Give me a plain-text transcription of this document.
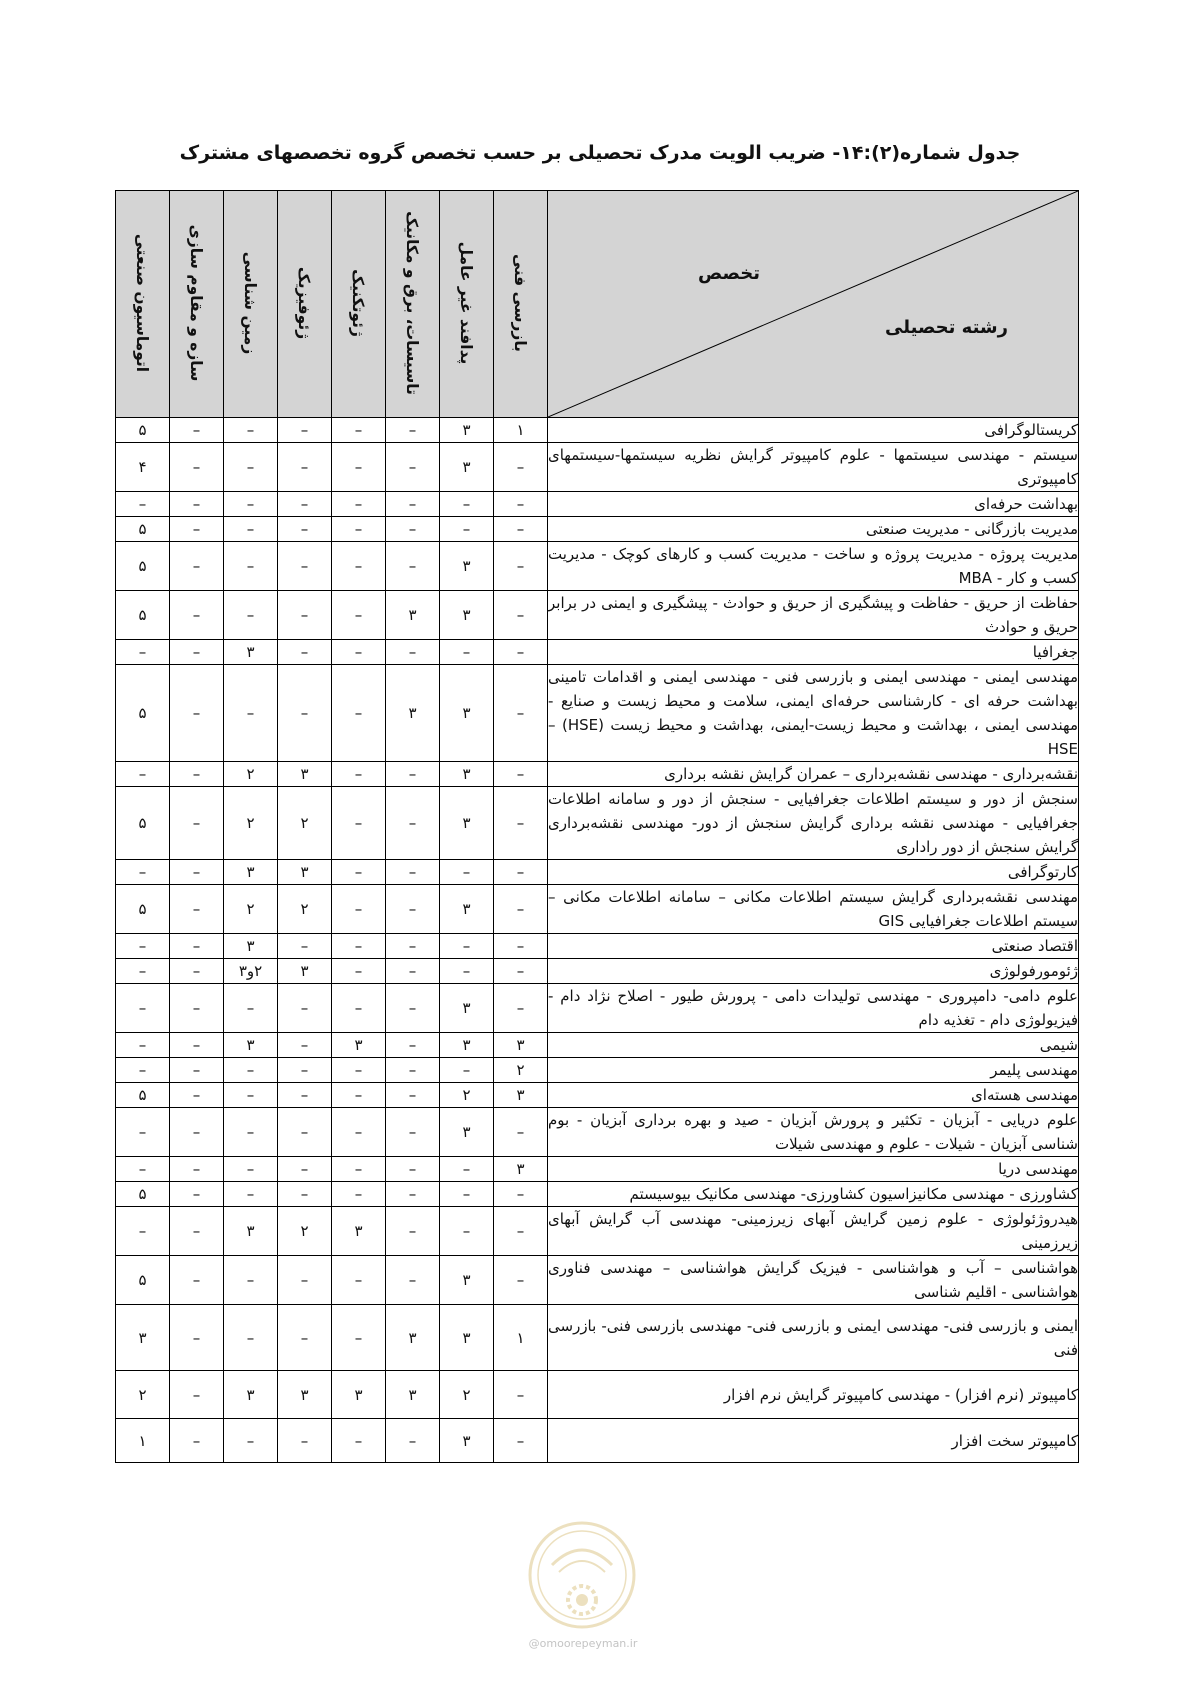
جدول شماره(۲):۱۴- ضریب الویت مدرک تحصیلی بر حسب تخصص گروه تخصصهای مشترک
تخصص
رشته تحصیلی	بازرسی فنی	پدافند غیر عامل	تاسیسات، برق و مکانیک	ژئوتکنیک	ژئوفیزیک	زمین شناسی	سازه و مقاوم سازی	اتوماسیون صنعتی

کریستالوگرافی	۱	۳	–	–	–	–	–	۵
سیستم - مهندسی سیستمها - علوم کامپیوتر گرایش نظریه سیستمها-سیستمهای کامپیوتری	–	۳	–	–	–	–	–	۴
بهداشت حرفه‌ای	–	–	–	–	–	–	–	–
مدیریت بازرگانی - مدیریت صنعتی	–	–	–	–	–	–	–	۵
مدیریت پروژه - مدیریت پروژه و ساخت - مدیریت کسب و کارهای کوچک - مدیریت کسب و کار - MBA	–	۳	–	–	–	–	–	۵
حفاظت از حریق - حفاظت و پیشگیری از حریق و حوادث - پیشگیری و ایمنی در برابر حریق و حوادث	–	۳	۳	–	–	–	–	۵
جغرافیا	–	–	–	–	–	۳	–	–
مهندسی ایمنی - مهندسی ایمنی و بازرسی فنی - مهندسی ایمنی و اقدامات تامینی بهداشت حرفه ای - کارشناسی حرفه‌ای ایمنی، سلامت و محیط زیست و صنایع - مهندسی ایمنی ، بهداشت و محیط زیست-ایمنی، بهداشت و محیط زیست (HSE) – HSE	–	۳	۳	–	–	–	–	۵
نقشه‌برداری - مهندسی نقشه‌برداری – عمران گرایش نقشه برداری	–	۳	–	–	۳	۲	–	–
سنجش از دور و سیستم اطلاعات جغرافیایی - سنجش از دور و سامانه اطلاعات جغرافیایی - مهندسی نقشه برداری گرایش سنجش از دور- مهندسی نقشه‌برداری گرایش سنجش از دور راداری	–	۳	–	–	۲	۲	–	۵
کارتوگرافی	–	–	–	–	۳	۳	–	–
مهندسی نقشه‌برداری گرایش سیستم اطلاعات مکانی – سامانه اطلاعات مکانی – سیستم اطلاعات جغرافیایی GIS	–	۳	–	–	۲	۲	–	۵
اقتصاد صنعتی	–	–	–	–	–	۳	–	–
ژئومورفولوژی	–	–	–	–	۳	۲و۳	–	–
علوم دامی- دامپروری - مهندسی تولیدات دامی - پرورش طیور - اصلاح نژاد دام - فیزیولوژی دام - تغذیه دام	–	۳	–	–	–	–	–	–
شیمی	۳	۳	–	۳	–	۳	–	–
مهندسی پلیمر	۲	–	–	–	–	–	–	–
مهندسی هسته‌ای	۳	۲	–	–	–	–	–	۵
علوم دریایی - آبزیان - تکثیر و پرورش آبزیان - صید و بهره برداری آبزیان - بوم شناسی آبزیان - شیلات - علوم و مهندسی شیلات	–	۳	–	–	–	–	–	–
مهندسی دریا	۳	–	–	–	–	–	–	–
کشاورزی - مهندسی مکانیزاسیون کشاورزی- مهندسی مکانیک بیوسیستم	–	–	–	–	–	–	–	۵
هیدروژئولوژی - علوم زمین گرایش آبهای زیرزمینی- مهندسی آب گرایش آبهای زیرزمینی	–	–	–	۳	۲	۳	–	–
هواشناسی – آب و هواشناسی - فیزیک گرایش هواشناسی – مهندسی فناوری هواشناسی - اقلیم شناسی	–	۳	–	–	–	–	–	۵
ایمنی و بازرسی فنی- مهندسی ایمنی و بازرسی فنی- مهندسی بازرسی فنی- بازرسی فنی	۱	۳	۳	–	–	–	–	۳
کامپیوتر (نرم افزار) - مهندسی کامپیوتر گرایش نرم افزار	–	۲	۳	۳	۳	۳	–	۲
کامپیوتر سخت افزار	–	۳	–	–	–	–	–	۱
@omoorepeyman.ir
